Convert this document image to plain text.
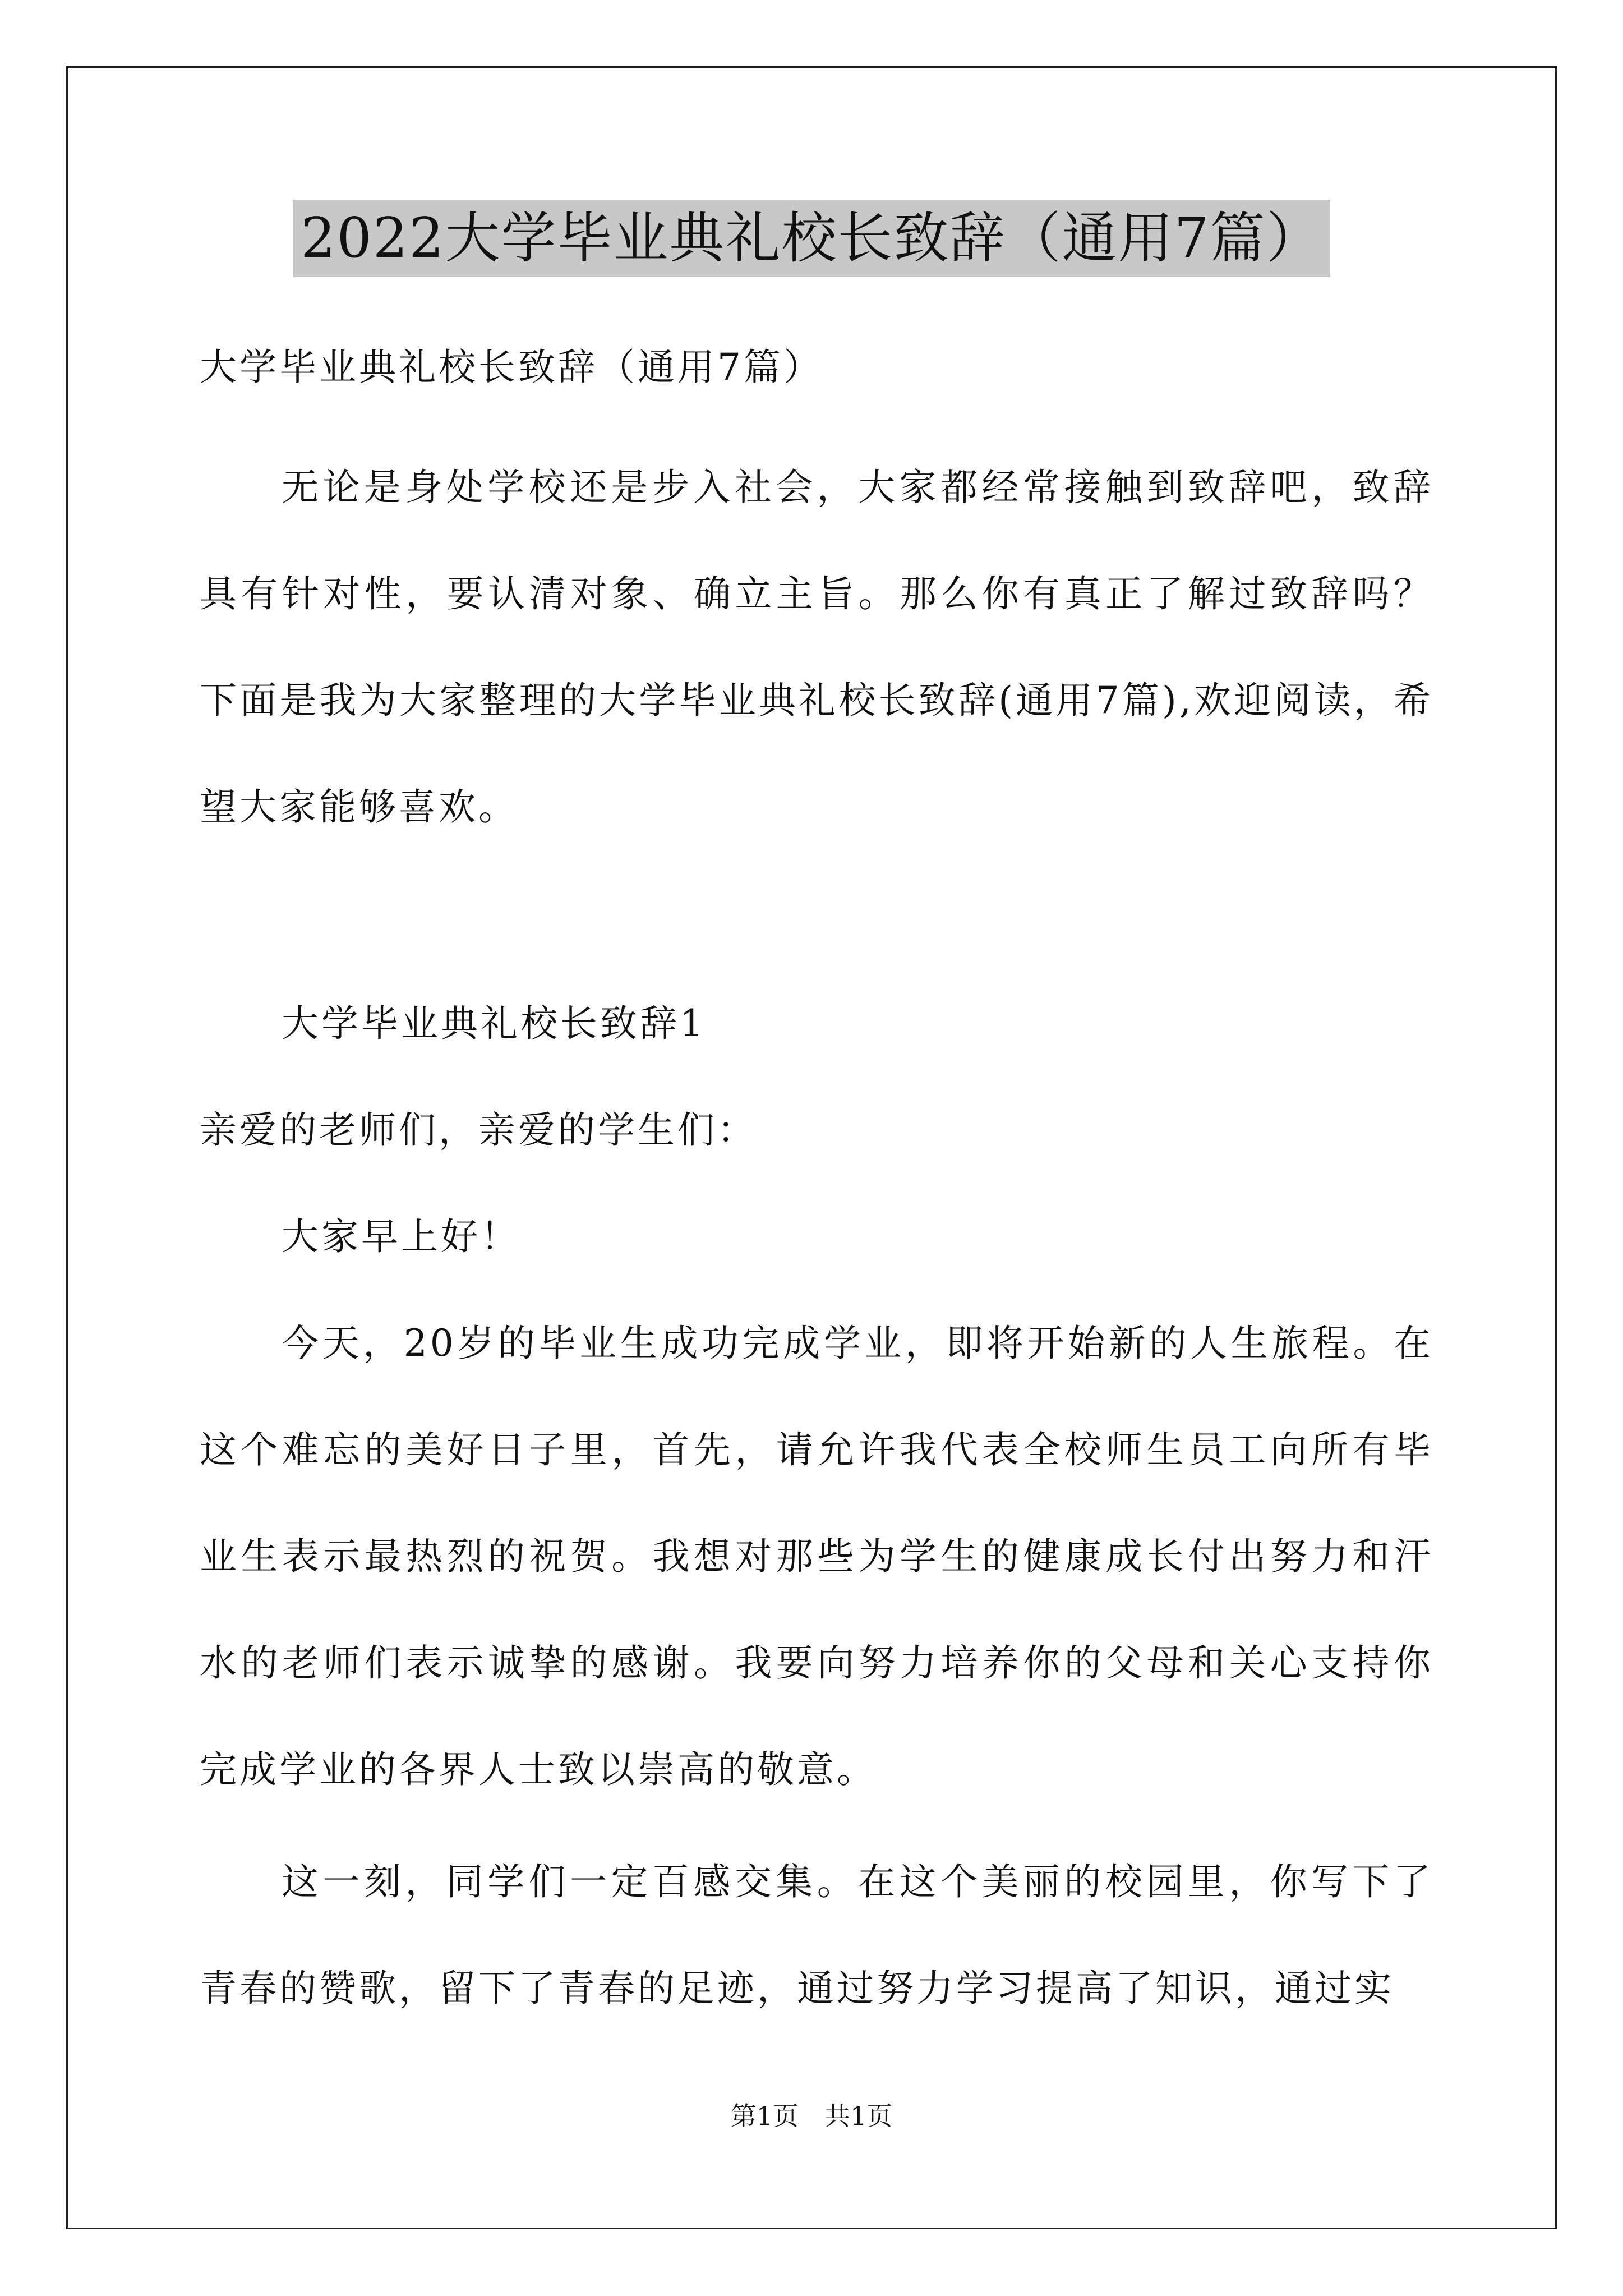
2022大学毕业典礼校长致辞（通用7篇）

大学毕业典礼校长致辞（通用7篇）

无论是身处学校还是步入社会，大家都经常接触到致辞吧，致辞具有针对性，要认清对象、确立主旨。那么你有真正了解过致辞吗？下面是我为大家整理的大学毕业典礼校长致辞(通用7篇),欢迎阅读，希望大家能够喜欢。

大学毕业典礼校长致辞1

亲爱的老师们，亲爱的学生们：

大家早上好！

今天，20岁的毕业生成功完成学业，即将开始新的人生旅程。在这个难忘的美好日子里，首先，请允许我代表全校师生员工向所有毕业生表示最热烈的祝贺。我想对那些为学生的健康成长付出努力和汗水的老师们表示诚挚的感谢。我要向努力培养你的父母和关心支持你完成学业的各界人士致以崇高的敬意。

这一刻，同学们一定百感交集。在这个美丽的校园里，你写下了青春的赞歌，留下了青春的足迹，通过努力学习提高了知识，通过实

第1页　共1页
